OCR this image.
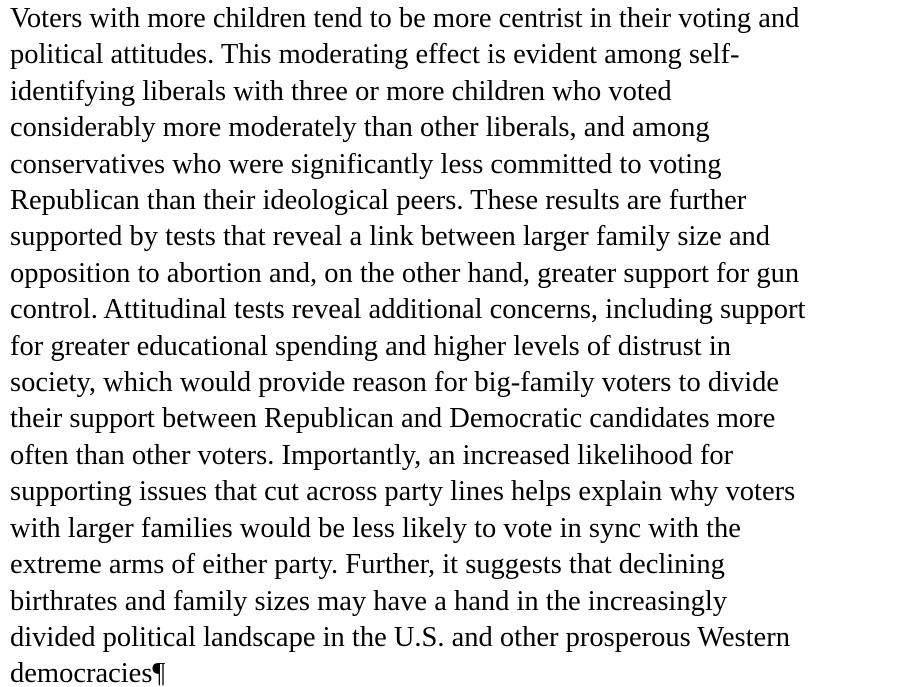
Voters with more children tend to be more centrist in their voting and
political attitudes. This moderating effect is evident among self-
identifying liberals with three or more children who voted
considerably more moderately than other liberals, and among
conservatives who were significantly less committed to voting
Republican than their ideological peers. These results are further
supported by tests that reveal a link between larger family size and
opposition to abortion and, on the other hand, greater support for gun
control. Attitudinal tests reveal additional concerns, including support
for greater educational spending and higher levels of distrust in
society, which would provide reason for big-family voters to divide
their support between Republican and Democratic candidates more
often than other voters. Importantly, an increased likelihood for
supporting issues that cut across party lines helps explain why voters
with larger families would be less likely to vote in sync with the
extreme arms of either party. Further, it suggests that declining
birthrates and family sizes may have a hand in the increasingly
divided political landscape in the U.S. and other prosperous Western
democracies¶
